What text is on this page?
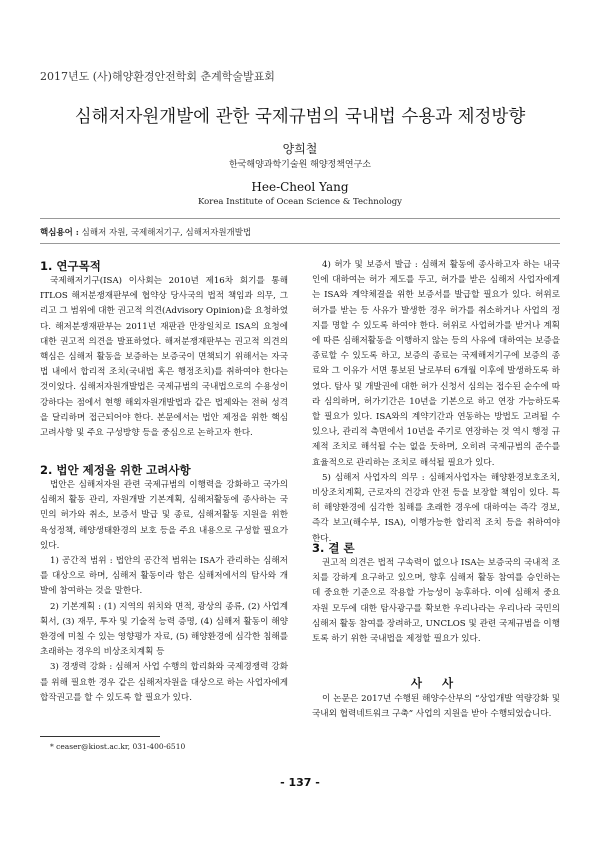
2017년도 (사)해양환경안전학회 춘계학술발표회
심해저자원개발에 관한 국제규범의 국내법 수용과 제정방향
양희철
한국해양과학기술원 해양정책연구소
Hee-Cheol Yang
Korea Institute of Ocean Science & Technology
핵심용어 : 심해저 자원, 국제해저기구, 심해저자원개발법

1. 연구목적

국제해저기구(ISA) 이사회는 2010년 제16차 회기를 통해 ITLOS 해저분쟁재판부에 협약상 당사국의 법적 책임과 의무, 그리고 그 범위에 대한 권고적 의견(Advisory Opinion)을 요청하였다. 해저분쟁재판부는 2011년 재판관 만장일치로 ISA의 요청에 대한 권고적 의견을 발표하였다. 해저분쟁재판부는 권고적 의견의 핵심은 심해저 활동을 보증하는 보증국이 면책되기 위해서는 자국법 내에서 합리적 조치(국내법 혹은 행정조치)를 취하여야 한다는 것이었다. 심해저자원개발법은 국제규범의 국내법으로의 수용성이 강하다는 점에서 현행 해외자원개발법과 같은 법제와는 전혀 성격을 달리하며 접근되어야 한다. 본문에서는 법안 제정을 위한 핵심 고려사항 및 주요 구성방향 등을 중심으로 논하고자 한다.

2. 법안 제정을 위한 고려사항

법안은 심해저자원 관련 국제규범의 이행력을 강화하고 국가의 심해저 활동 관리, 자원개발 기본계획, 심해저활동에 종사하는 국민의 허가와 취소, 보증서 발급 및 종료, 심해저활동 지원을 위한 육성정책, 해양생태환경의 보호 등을 주요 내용으로 구성할 필요가 있다.

1) 공간적 범위 : 법안의 공간적 범위는 ISA가 관리하는 심해저를 대상으로 하며, 심해저 활동이라 함은 심해저에서의 탐사와 개발에 참여하는 것을 말한다.

2) 기본계획 : (1) 지역의 위치와 면적, 광상의 종류, (2) 사업계획서, (3) 재무, 투자 및 기술적 능력 증명, (4) 심해저 활동이 해양환경에 미칠 수 있는 영향평가 자료, (5) 해양환경에 심각한 침해를 초래하는 경우의 비상조치계획 등

3) 경쟁력 강화 : 심해저 사업 수행의 합리화와 국제경쟁력 강화를 위해 필요한 경우 같은 심해저자원을 대상으로 하는 사업자에게 합작권고를 할 수 있도록 할 필요가 있다.

4) 허가 및 보증서 발급 : 심해저 활동에 종사하고자 하는 내국인에 대하여는 허가 제도를 두고, 허가를 받은 심해저 사업자에게는 ISA와 계약체결을 위한 보증서를 발급할 필요가 있다. 허위로 허가를 받는 등 사유가 발생한 경우 허가를 취소하거나 사업의 정지를 명할 수 있도록 하여야 한다. 허위로 사업허가를 받거나 계획에 따른 심해저활동을 이행하지 않는 등의 사유에 대하여는 보증을 종료할 수 있도록 하고, 보증의 종료는 국제해저기구에 보증의 종료와 그 이유가 서면 통보된 날로부터 6개월 이후에 발생하도록 하였다. 탐사 및 개발권에 대한 허가 신청서 심의는 접수된 순수에 따라 심의하며, 허가기간은 10년을 기본으로 하고 연장 가능하도록 할 필요가 있다. ISA와의 계약기간과 연동하는 방법도 고려될 수 있으나, 관리적 측면에서 10년을 주기로 연장하는 것 역시 행정 규제적 조치로 해석될 수는 없을 듯하며, 오히려 국제규범의 준수를 효율적으로 관리하는 조치로 해석될 필요가 있다.

5) 심해저 사업자의 의무 : 심해저사업자는 해양환경보호조치, 비상조치계획, 근로자의 건강과 안전 등을 보장할 책임이 있다. 특히 해양환경에 심각한 침해를 초래한 경우에 대하여는 즉각 경보, 즉각 보고(해수부, ISA), 이행가능한 합리적 조치 등을 취하여야 한다.

3. 결 론

권고적 의견은 법적 구속력이 없으나 ISA는 보증국의 국내적 조치를 강하게 요구하고 있으며, 향후 심해저 활동 참여를 승인하는데 중요한 기준으로 작용할 가능성이 농후하다. 이에 심해저 중요 자원 모두에 대한 탐사광구를 확보한 우리나라는 우리나라 국민의 심해저 활동 참여를 장려하고, UNCLOS 및 관련 국제규범을 이행토록 하기 위한 국내법을 제정할 필요가 있다.

사 사

이 논문은 2017년 수행된 해양수산부의 “상업개발 역량강화 및 국내외 협력네트워크 구축” 사업의 지원을 받아 수행되었습니다.

* ceaser@kiost.ac.kr, 031-400-6510
- 137 -
